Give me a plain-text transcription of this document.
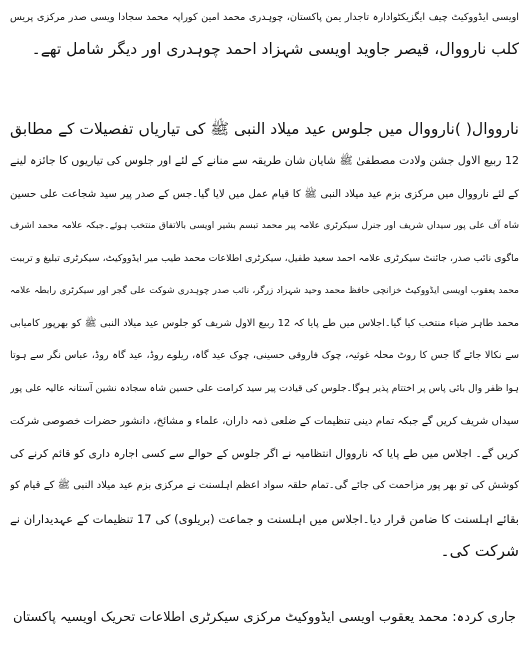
اویسی ایڈووکیٹ چیف ایگزیکٹوادارہ تاجدار یمن پاکستان، چوہدری محمد امین کوراپہ محمد سجادا ویسی صدر مرکزی پریس
کلب نارووال، قیصر جاوید اویسی شہزاد احمد چوہدری اور دیگر شامل تھے۔
نارووال( )نارووال میں جلوس عید میلاد النبی ﷺ کی تیاریاں تفصیلات کے مطابق
12 ربیع الاول جشن ولادت مصطفیٰ ﷺ شایان شان طریقہ سے منانے کے لئے اور جلوس کی تیاریوں کا جائزہ لینے
کے لئے نارووال میں مرکزی بزم عید میلاد النبی ﷺ کا قیام عمل میں لایا گیا۔جس کے صدر پیر سید شجاعت علی حسین
شاہ آف علی پور سیداں شریف اور جنرل سیکرٹری علامہ پیر محمد تبسم بشیر اویسی بالاتفاق منتخب ہوئے۔جبکہ علامہ محمد اشرف
ماگوی نائب صدر، جائنٹ سیکرٹری علامہ احمد سعید طفیل، سیکرٹری اطلاعات محمد طیب میر ایڈووکیٹ، سیکرٹری تبلیغ و ترببت
محمد یعقوب اویسی ایڈووکیٹ خزانچی حافظ محمد وحید شہزاد زرگر، نائب صدر چوہدری شوکت علی گجر اور سیکرٹری رابطہ علامہ
محمد طاہر ضیاء منتخب کیا گیا۔اجلاس میں طے پایا کہ 12 ربیع الاول شریف کو جلوس عید میلاد النبی ﷺ کو بھرپور کامیابی
سے نکالا جائے گا جس کا روٹ محلہ غوثیہ، چوک فاروقی حسینی، چوک عید گاہ، ریلوے روڈ، عید گاہ روڈ، عباس نگر سے ہوتا
ہوا ظفر وال بائی پاس پر اختتام پذیر ہوگا۔جلوس کی قیادت پیر سید کرامت علی حسین شاہ سجادہ نشین آستانہ عالیہ علی پور
سیداں شریف کریں گے جبکہ تمام دینی تنظیمات کے ضلعی ذمہ داران، علماء و مشائخ، دانشور حضرات خصوصی شرکت
کریں گے۔ اجلاس میں طے پایا کہ نارووال انتظامیہ نے اگر جلوس کے حوالے سے کسی اجارہ داری کو قائم کرنے کی
کوشش کی تو بھر پور مزاحمت کی جائے گی۔تمام حلقہ سواد اعظم اہلسنت نے مرکزی بزم عید میلاد النبی ﷺ کے قیام کو
بقائے اہلسنت کا ضامن قرار دیا۔اجلاس میں اہلسنت و جماعت (بریلوی) کی 17 تنظیمات کے عہدیداران نے
شرکت کی۔
جاری کردہ: محمد یعقوب اویسی ایڈووکیٹ مرکزی سیکرٹری اطلاعات تحریک اویسیہ پاکستان
